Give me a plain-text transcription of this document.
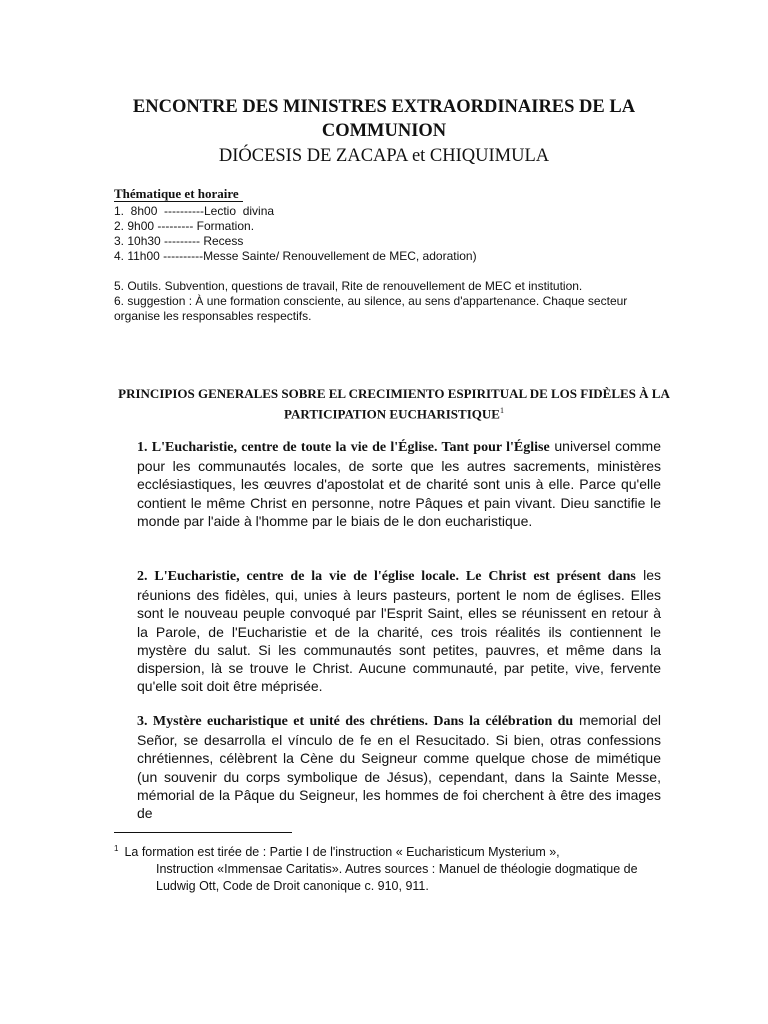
ENCONTRE DES MINISTRES EXTRAORDINAIRES DE LA
COMMUNION
DIÓCESIS DE ZACAPA et CHIQUIMULA
Thématique et horaire
1.  8h00  ----------Lectio  divina
2. 9h00 --------- Formation.
3. 10h30 --------- Recess
4. 11h00 ----------Messe Sainte/ Renouvellement de MEC, adoration)
5. Outils. Subvention, questions de travail, Rite de renouvellement de MEC et institution.
6. suggestion : À une formation consciente, au silence, au sens d'appartenance. Chaque secteur organise les responsables respectifs.
PRINCIPIOS GENERALES SOBRE EL CRECIMIENTO ESPIRITUAL DE LOS FIDÈLES À LA PARTICIPATION EUCHARISTIQUE$^1$
1. L'Eucharistie, centre de toute la vie de l'Église. Tant pour l'Église universel comme pour les communautés locales, de sorte que les autres sacrements, ministères ecclésiastiques, les œuvres d'apostolat et de charité sont unis à elle. Parce qu'elle contient le même Christ en personne, notre Pâques et pain vivant. Dieu sanctifie le monde par l'aide à l'homme par le biais de le don eucharistique.
2. L'Eucharistie, centre de la vie de l'église locale. Le Christ est présent dans les réunions des fidèles, qui, unies à leurs pasteurs, portent le nom de églises. Elles sont le nouveau peuple convoqué par l'Esprit Saint, elles se réunissent en retour à la Parole, de l'Eucharistie et de la charité, ces trois réalités ils contiennent le mystère du salut. Si les communautés sont petites, pauvres, et même dans la dispersion, là se trouve le Christ. Aucune communauté, par petite, vive, fervente qu'elle soit doit être méprisée.
3. Mystère eucharistique et unité des chrétiens. Dans la célébration du memorial del Señor, se desarrolla el vínculo de fe en el Resucitado. Si bien, otras confessions chrétiennes, célèbrent la Cène du Seigneur comme quelque chose de mimétique (un souvenir du corps symbolique de Jésus), cependant, dans la Sainte Messe, mémorial de la Pâque du Seigneur, les hommes de foi cherchent à être des images de
$^1$ La formation est tirée de : Partie I de l'instruction « Eucharisticum Mysterium »,
Instruction «Immensae Caritatis». Autres sources : Manuel de théologie dogmatique de
Ludwig Ott, Code de Droit canonique c. 910, 911.
